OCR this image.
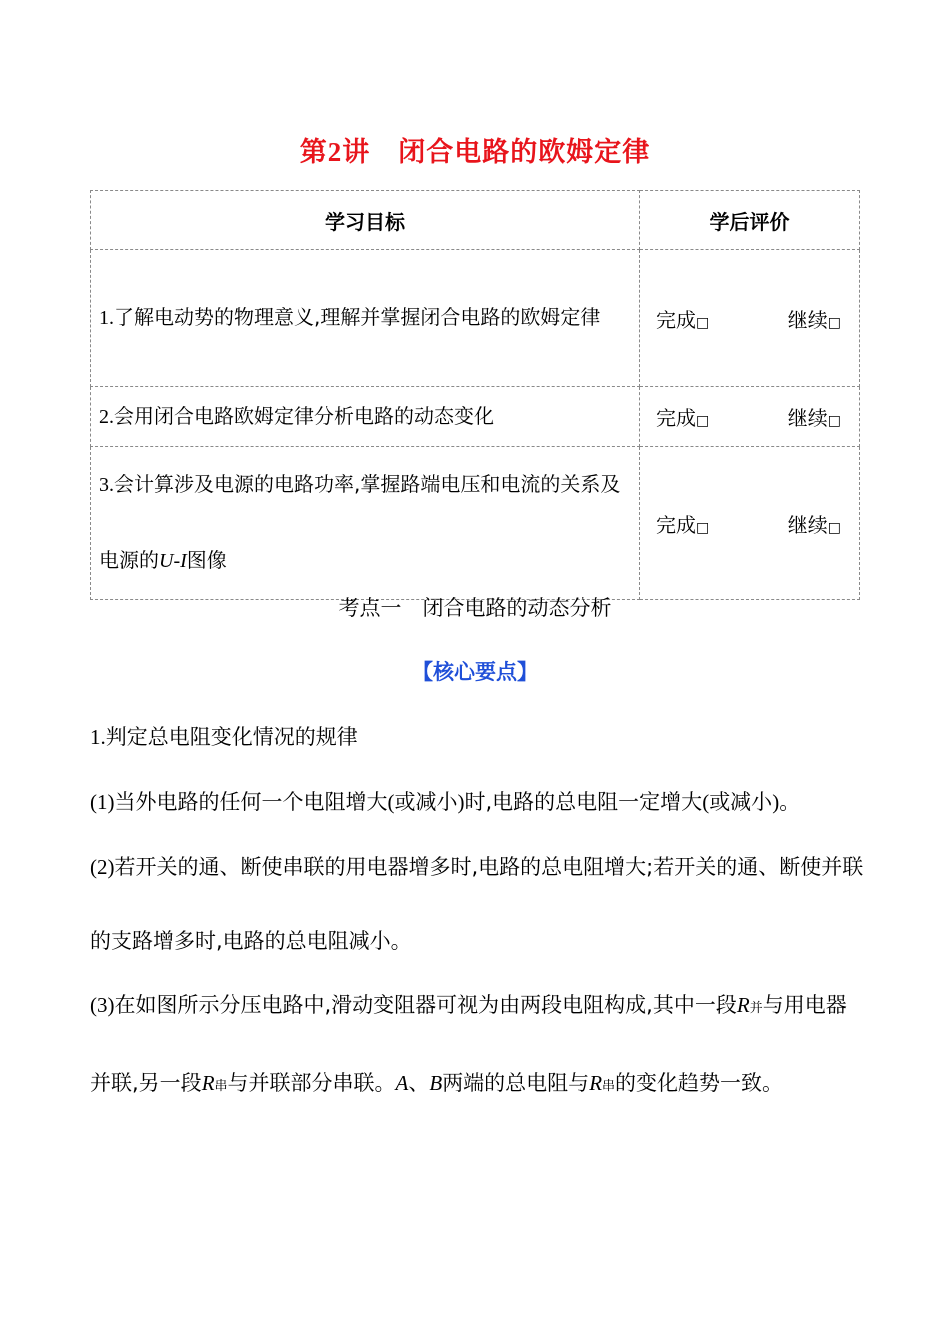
第2讲　闭合电路的欧姆定律
学习目标	学后评价

1.了解电动势的物理意义,理解并掌握闭合电路的欧姆定律	完成□ 继续□

2.会用闭合电路欧姆定律分析电路的动态变化	完成□ 继续□

3.会计算涉及电源的电路功率,掌握路端电压和电流的关系及电源的U-I图像	完成□ 继续□
考点一　闭合电路的动态分析
【核心要点】
1.判定总电阻变化情况的规律
(1)当外电路的任何一个电阻增大(或减小)时,电路的总电阻一定增大(或减小)。
(2)若开关的通、断使串联的用电器增多时,电路的总电阻增大;若开关的通、断使并联的支路增多时,电路的总电阻减小。
(3)在如图所示分压电路中,滑动变阻器可视为由两段电阻构成,其中一段R并与用电器并联,另一段R串与并联部分串联。A、B两端的总电阻与R串的变化趋势一致。
